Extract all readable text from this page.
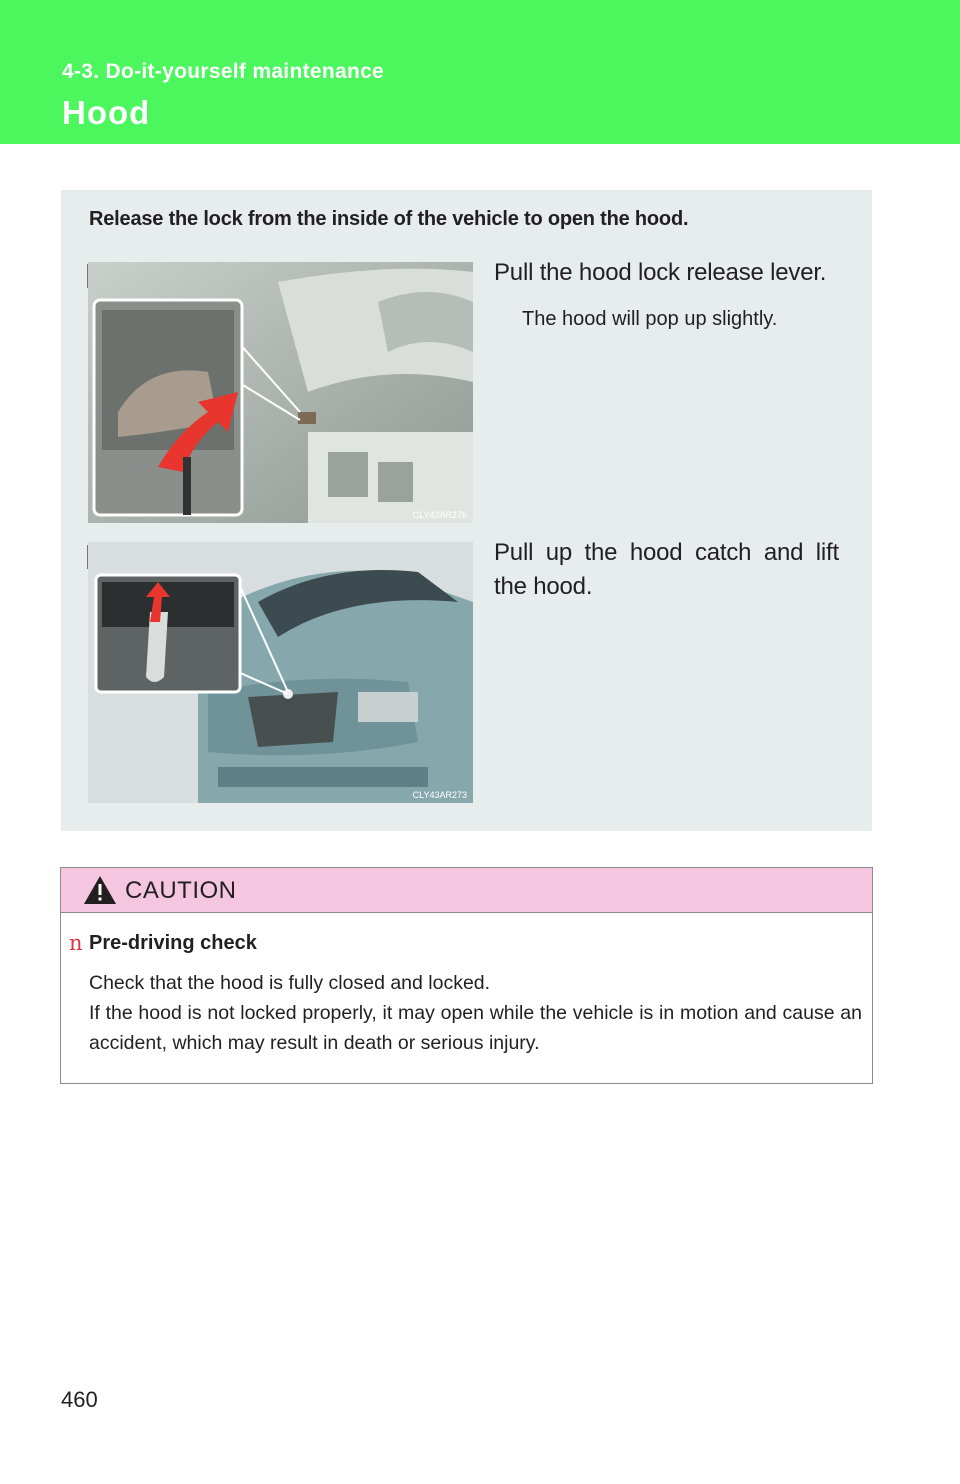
4-3. Do-it-yourself maintenance
Hood
Release the lock from the inside of the vehicle to open the hood.
CLY43AR276
Pull the hood lock release lever.
The hood will pop up slightly.
CLY43AR273
Pull up the hood catch and lift the hood.
CAUTION
n Pre-driving check

Check that the hood is fully closed and locked.

If the hood is not locked properly, it may open while the vehicle is in motion and cause an accident, which may result in death or serious injury.

460
